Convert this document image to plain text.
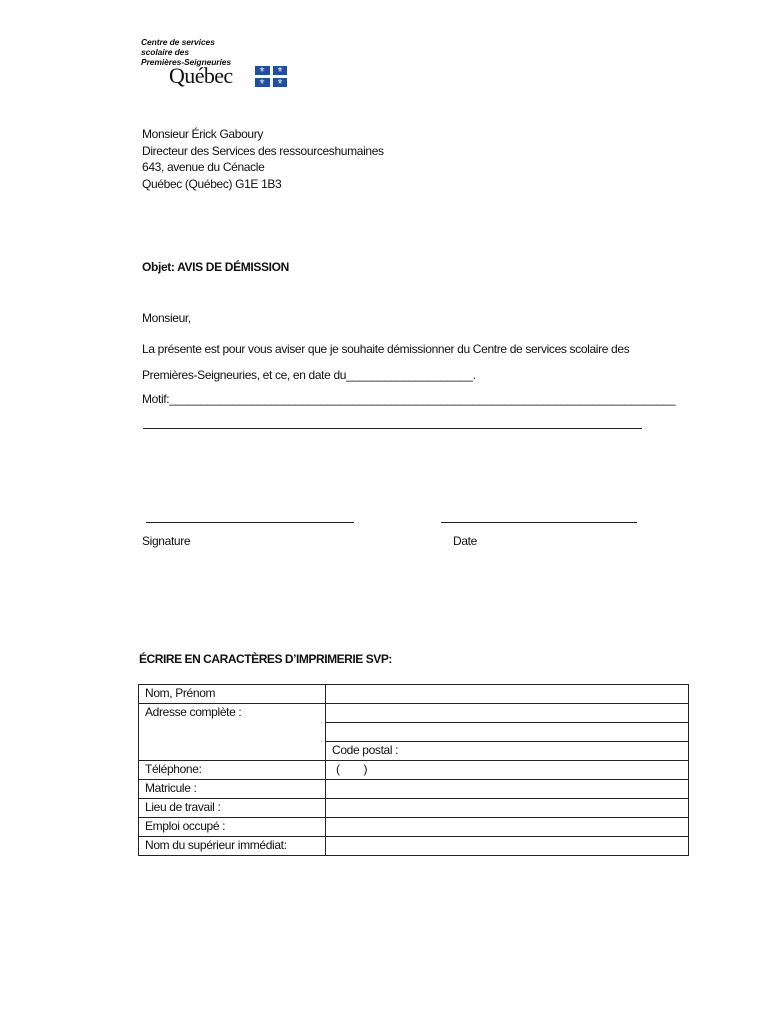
Centre de services
scolaire des
Premières-Seigneuries
Québec	⚜	⚜
⚜	⚜
Monsieur Érick Gaboury
Directeur des Services des ressourceshumaines
643, avenue du Cénacle
Québec (Québec) G1E 1B3
Objet: AVIS DE DÉMISSION
Monsieur,
La présente est pour vous aviser que je souhaite démissionner du Centre de services scolaire des
Premières-Seigneuries, et ce, en date du____________________.
Motif:________________________________________________________________________________
Signature	Date
ÉCRIRE EN CARACTÈRES D’IMPRIMERIE SVP:
Nom, Prénom	
Adresse complète :	

	Code postal :
Téléphone:	(        )
Matricule :	
Lieu de travail :	
Emploi occupé :	
Nom du supérieur immédiat:	
